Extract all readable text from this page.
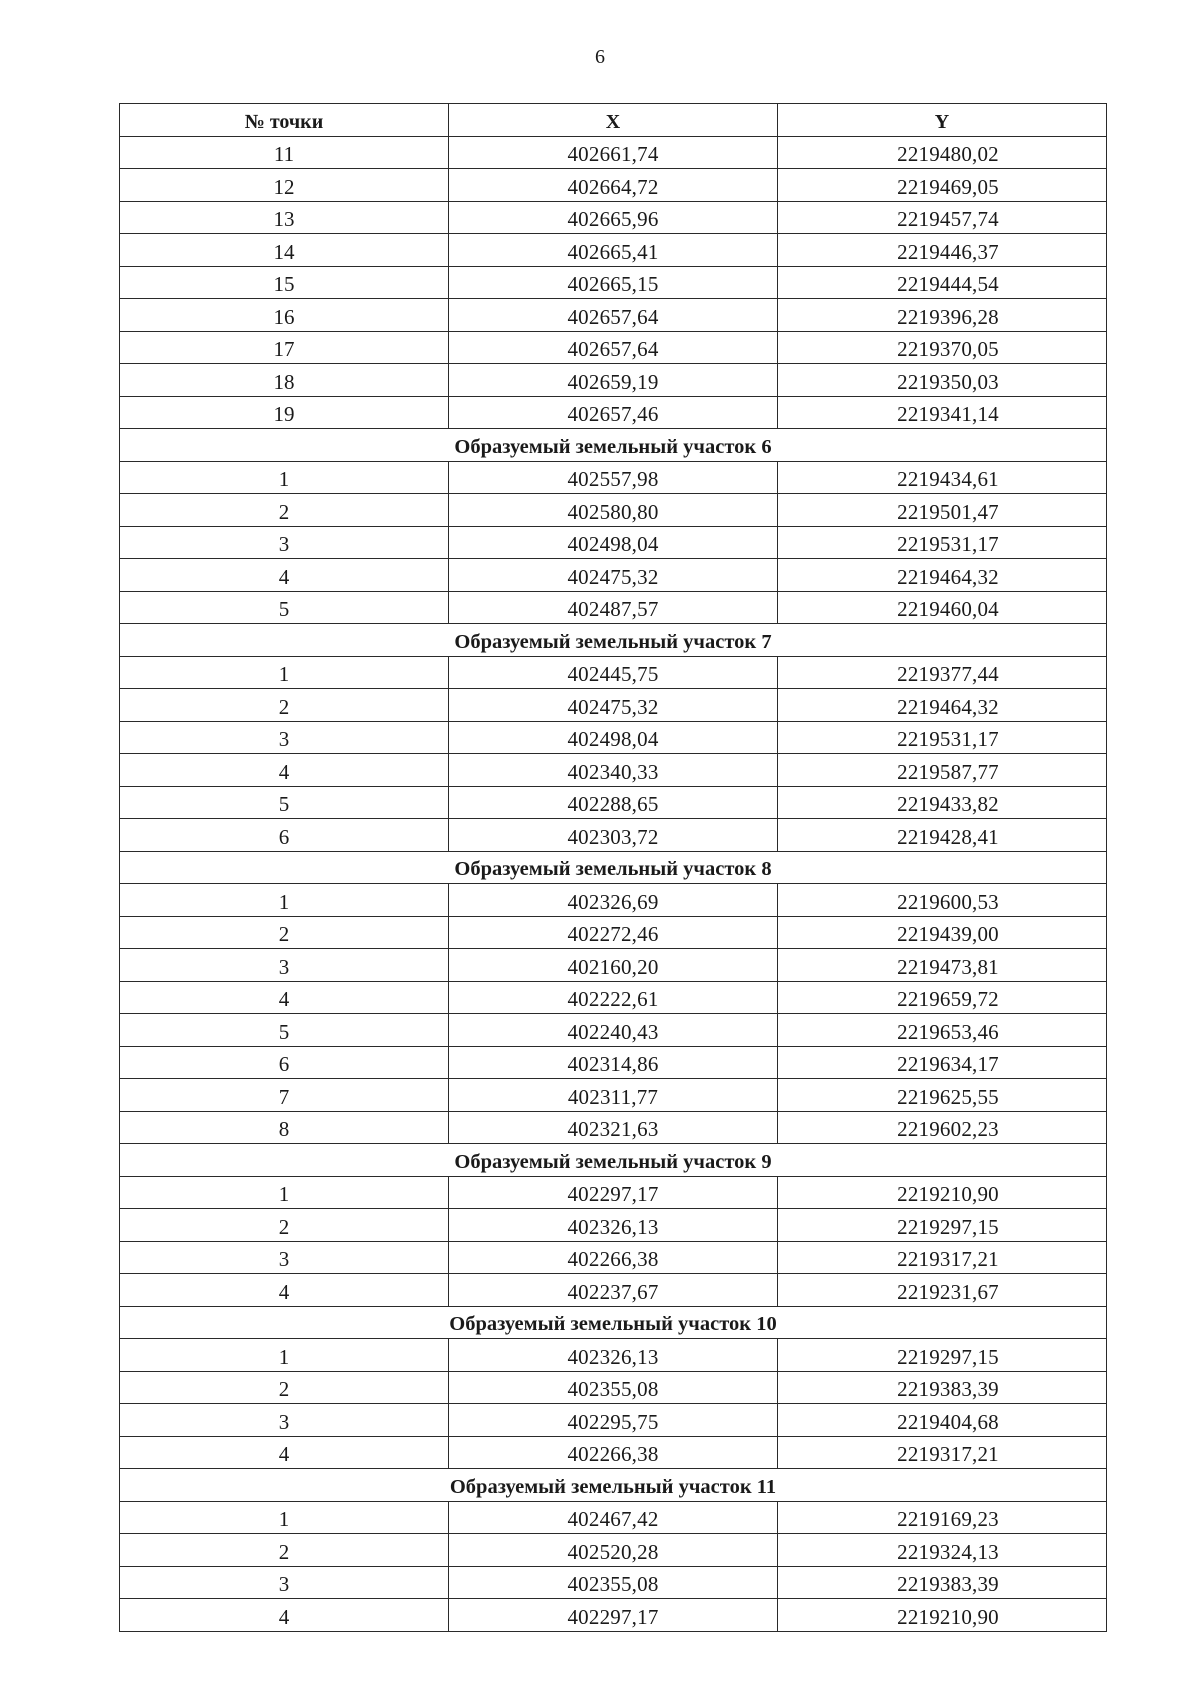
6
№ точки	X	Y
11	402661,74	2219480,02
12	402664,72	2219469,05
13	402665,96	2219457,74
14	402665,41	2219446,37
15	402665,15	2219444,54
16	402657,64	2219396,28
17	402657,64	2219370,05
18	402659,19	2219350,03
19	402657,46	2219341,14
Образуемый земельный участок 6		
1	402557,98	2219434,61
2	402580,80	2219501,47
3	402498,04	2219531,17
4	402475,32	2219464,32
5	402487,57	2219460,04
Образуемый земельный участок 7		
1	402445,75	2219377,44
2	402475,32	2219464,32
3	402498,04	2219531,17
4	402340,33	2219587,77
5	402288,65	2219433,82
6	402303,72	2219428,41
Образуемый земельный участок 8		
1	402326,69	2219600,53
2	402272,46	2219439,00
3	402160,20	2219473,81
4	402222,61	2219659,72
5	402240,43	2219653,46
6	402314,86	2219634,17
7	402311,77	2219625,55
8	402321,63	2219602,23
Образуемый земельный участок 9		
1	402297,17	2219210,90
2	402326,13	2219297,15
3	402266,38	2219317,21
4	402237,67	2219231,67
Образуемый земельный участок 10		
1	402326,13	2219297,15
2	402355,08	2219383,39
3	402295,75	2219404,68
4	402266,38	2219317,21
Образуемый земельный участок 11		
1	402467,42	2219169,23
2	402520,28	2219324,13
3	402355,08	2219383,39
4	402297,17	2219210,90
